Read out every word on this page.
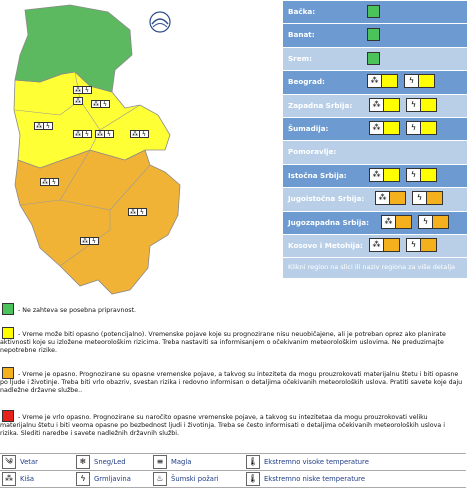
⁂ ϟ
⁂ ⁂ ϟ
⁂ ϟ
⁂ ϟ	⁂ ϟ	⁂ ϟ
⁂ ϟ
⁂ ϟ
⁂ ϟ
Bačka:
Banat:
Srem:
Beograd:	⁂	ϟ
Zapadna Srbija:	⁂	ϟ
Šumadija:	⁂	ϟ
Pomoravlje:
Istočna Srbija:	⁂	ϟ
Jugoistočna Srbija:	⁂	ϟ
Jugozapadna Srbija:	⁂	ϟ
Kosovo i Metohija:	⁂	ϟ
Klikni region na slici ili naziv regiona za više detalja
- Ne zahteva se posebna pripravnost.
- Vreme može biti opasno (potencijalno). Vremenske pojave koje su prognozirane nisu neuobičajene, ali je potreban oprez ako planirate aktivnosti koje su izložene meteorološkim rizicima. Treba nastaviti sa informisanjem o očekivanim meteorološkim uslovima. Ne preduzimajte nepotrebne rizike.
- Vreme je opasno. Prognozirane su opasne vremenske pojave, a takvog su inteziteta da mogu prouzrokovati materijalnu štetu i biti opasne po ljude i životinje. Treba biti vrlo obazriv, svestan rizika i redovno informisan o detaljima očekivanih meteoroloških uslova. Pratiti savete koje daju nadležne državne službe..
- Vreme je vrlo opasno. Prognozirane su naročito opasne vremenske pojave, a takvog su intezitetaa da mogu prouzrokovati veliku materijalnu štetu i biti veoma opasne po bezbednost ljudi i životinja. Treba se često informisati o detaljima očekivanih meteoroloških uslova i rizika. Slediti naredbe i savete nadležnih državnih službi.
༄	Vetar	❄	Sneg/Led	≡	Magla	🌡 Ekstremno visoke temperature
⁂	Kiša	ϟ	Grmljavina	♨	Šumski požari	🌡 Ekstremno niske temperature
